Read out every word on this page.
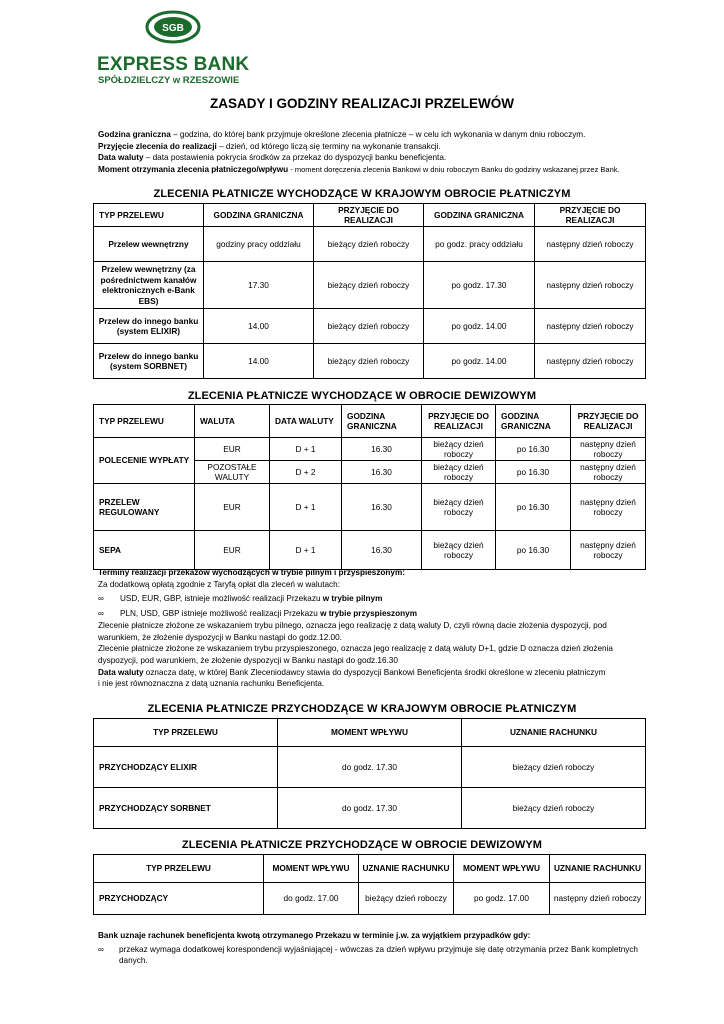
SGB
EXPRESS BANK
SPÓŁDZIELCZY w RZESZOWIE
ZASADY I GODZINY REALIZACJI PRZELEWÓW
Godzina graniczna – godzina, do której bank przyjmuje określone zlecenia płatnicze – w celu ich wykonania w danym dniu roboczym.
Przyjęcie zlecenia do realizacji – dzień, od którego liczą się terminy na wykonanie transakcji.
Data waluty – data postawienia pokrycia środków za przekaz do dyspozycji banku beneficjenta.
Moment otrzymania zlecenia płatniczego/wpływu - moment doręczenia zlecenia Bankowi w dniu roboczym Banku do godziny wskazanej przez Bank.
ZLECENIA PŁATNICZE WYCHODZĄCE W KRAJOWYM OBROCIE PŁATNICZYM
TYP PRZELEWU	GODZINA GRANICZNA	PRZYJĘCIE DO REALIZACJI	GODZINA GRANICZNA	PRZYJĘCIE DO REALIZACJI
Przelew wewnętrzny	godziny pracy oddziału	bieżący dzień roboczy	po godz. pracy oddziału	następny dzień roboczy
Przelew wewnętrzny (za pośrednictwem kanałów elektronicznych e-Bank EBS)	17.30	bieżący dzień roboczy	po godz. 17.30	następny dzień roboczy
Przelew do innego banku (system ELIXIR)	14.00	bieżący dzień roboczy	po godz. 14.00	następny dzień roboczy
Przelew do innego banku (system SORBNET)	14.00	bieżący dzień roboczy	po godz. 14.00	następny dzień roboczy
ZLECENIA PŁATNICZE WYCHODZĄCE W OBROCIE DEWIZOWYM
TYP PRZELEWU	WALUTA	DATA WALUTY	GODZINA GRANICZNA	PRZYJĘCIE DO REALIZACJI	GODZINA GRANICZNA	PRZYJĘCIE DO REALIZACJI
POLECENIE WYPŁATY	EUR	D + 1	16.30	bieżący dzień roboczy	po 16.30	następny dzień roboczy
	POZOSTAŁE WALUTY	D + 2	16.30	bieżący dzień roboczy	po 16.30	następny dzień roboczy
PRZELEW REGULOWANY	EUR	D + 1	16.30	bieżący dzień roboczy	po 16.30	następny dzień roboczy
SEPA	EUR	D + 1	16.30	bieżący dzień roboczy	po 16.30	następny dzień roboczy
Terminy realizacji przekazów wychodzących w trybie pilnym i przyspieszonym:
Za dodatkową opłatą zgodnie z Taryfą opłat dla zleceń w walutach:
∞ USD, EUR, GBP, istnieje możliwość realizacji Przekazu w trybie pilnym
∞ PLN, USD, GBP istnieje możliwość realizacji Przekazu w trybie przyspieszonym
Zlecenie płatnicze złożone ze wskazaniem trybu pilnego, oznacza jego realizację z datą waluty D, czyli równą dacie złożenia dyspozycji, pod
warunkiem, że złożenie dyspozycji w Banku nastąpi do godz.12.00.
Zlecenie płatnicze złożone ze wskazaniem trybu przyspieszonego, oznacza jego realizację z datą waluty D+1, gdzie D oznacza dzień złożenia
dyspozycji, pod warunkiem, że złożenie dyspozycji w Banku nastąpi do godz.16.30
Data waluty oznacza datę, w której Bank Zleceniodawcy stawia do dyspozycji Bankowi Beneficjenta środki określone w zleceniu płatniczym
i nie jest równoznaczna z datą uznania rachunku Beneficjenta.
ZLECENIA PŁATNICZE PRZYCHODZĄCE W KRAJOWYM OBROCIE PŁATNICZYM
TYP PRZELEWU	MOMENT WPŁYWU	UZNANIE RACHUNKU
PRZYCHODZĄCY ELIXIR	do godz. 17.30	bieżący dzień roboczy
PRZYCHODZĄCY SORBNET	do godz. 17.30	bieżący dzień roboczy
ZLECENIA PŁATNICZE PRZYCHODZĄCE W OBROCIE DEWIZOWYM
TYP PRZELEWU	MOMENT WPŁYWU	UZNANIE RACHUNKU	MOMENT WPŁYWU	UZNANIE RACHUNKU
PRZYCHODZĄCY	do godz. 17.00	bieżący dzień roboczy	po godz. 17.00	następny dzień roboczy
Bank uznaje rachunek beneficjenta kwotą otrzymanego Przekazu w terminie j.w. za wyjątkiem przypadków gdy:
∞	przekaz wymaga dodatkowej korespondencji wyjaśniającej - wówczas za dzień wpływu przyjmuje się datę otrzymania przez Bank kompletnych danych.
